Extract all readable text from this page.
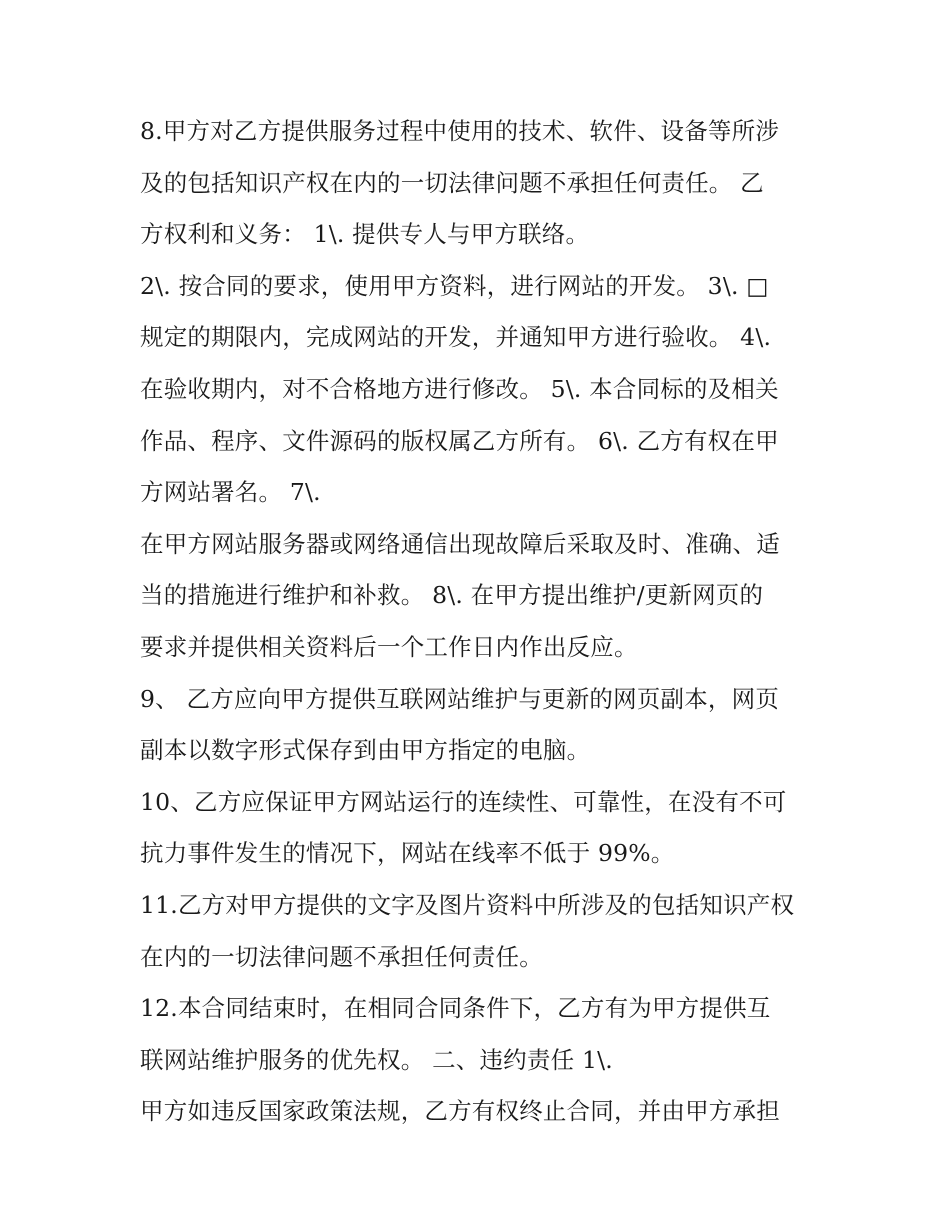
8.甲方对乙方提供服务过程中使用的技术、软件、设备等所涉
及的包括知识产权在内的一切法律问题不承担任何责任。 乙
方权利和义务： 1\. 提供专人与甲方联络。
2\. 按合同的要求，使用甲方资料，进行网站的开发。 3\. □
规定的期限内，完成网站的开发，并通知甲方进行验收。 4\.
在验收期内，对不合格地方进行修改。 5\. 本合同标的及相关
作品、程序、文件源码的版权属乙方所有。 6\. 乙方有权在甲
方网站署名。 7\.
在甲方网站服务器或网络通信出现故障后采取及时、准确、适
当的措施进行维护和补救。 8\. 在甲方提出维护/更新网页的
要求并提供相关资料后一个工作日内作出反应。
9、 乙方应向甲方提供互联网站维护与更新的网页副本，网页
副本以数字形式保存到由甲方指定的电脑。
10、乙方应保证甲方网站运行的连续性、可靠性，在没有不可
抗力事件发生的情况下，网站在线率不低于 99%。
11.乙方对甲方提供的文字及图片资料中所涉及的包括知识产权
在内的一切法律问题不承担任何责任。
12.本合同结束时，在相同合同条件下，乙方有为甲方提供互
联网站维护服务的优先权。 二、违约责任 1\.
甲方如违反国家政策法规，乙方有权终止合同，并由甲方承担
